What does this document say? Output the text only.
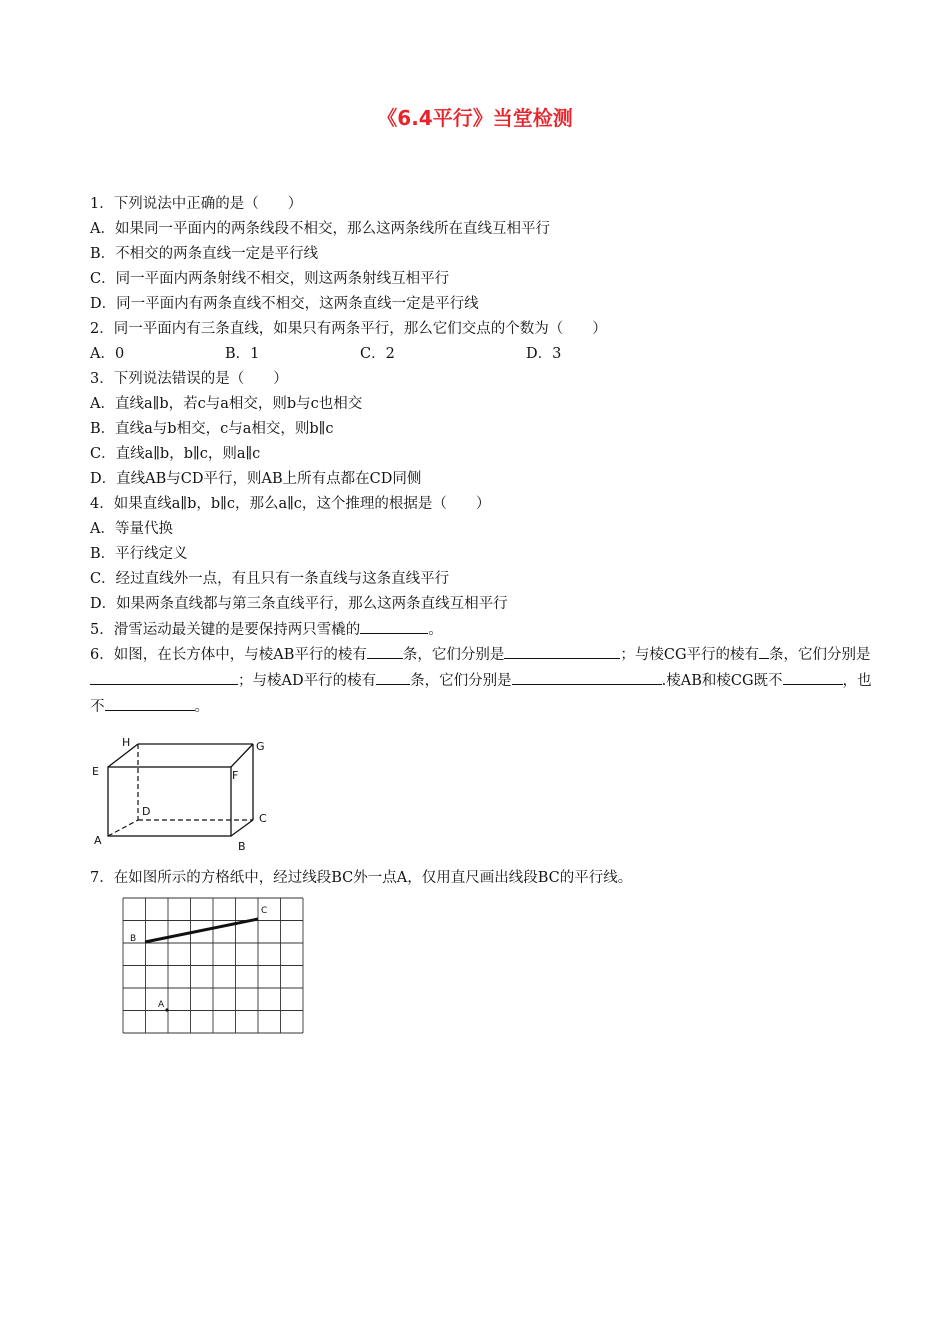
《6.4平行》当堂检测
1．下列说法中正确的是（　　）
A．如果同一平面内的两条线段不相交，那么这两条线所在直线互相平行
B．不相交的两条直线一定是平行线
C．同一平面内两条射线不相交，则这两条射线互相平行
D．同一平面内有两条直线不相交，这两条直线一定是平行线
2．同一平面内有三条直线，如果只有两条平行，那么它们交点的个数为（　　）
A．0	B．1	C．2	D．3
3．下列说法错误的是（　　）
A．直线a∥b，若c与a相交，则b与c也相交
B．直线a与b相交，c与a相交，则b∥c
C．直线a∥b，b∥c，则a∥c
D．直线AB与CD平行，则AB上所有点都在CD同侧
4．如果直线a∥b，b∥c，那么a∥c，这个推理的根据是（　　）
A．等量代换
B．平行线定义
C．经过直线外一点，有且只有一条直线与这条直线平行
D．如果两条直线都与第三条直线平行，那么这两条直线互相平行
5．滑雪运动最关键的是要保持两只雪橇的	。
6．如图，在长方体中，与棱AB平行的棱有 条，它们分别是	；与棱CG平行的棱有 条，它们分别是；与棱AD平行的棱有 条，它们分别是	.棱AB和棱CG既不	，也不	。
H	G
E	F
D
C
A	B
7．在如图所示的方格纸中，经过线段BC外一点A，仅用直尺画出线段BC的平行线。
B
C
A
